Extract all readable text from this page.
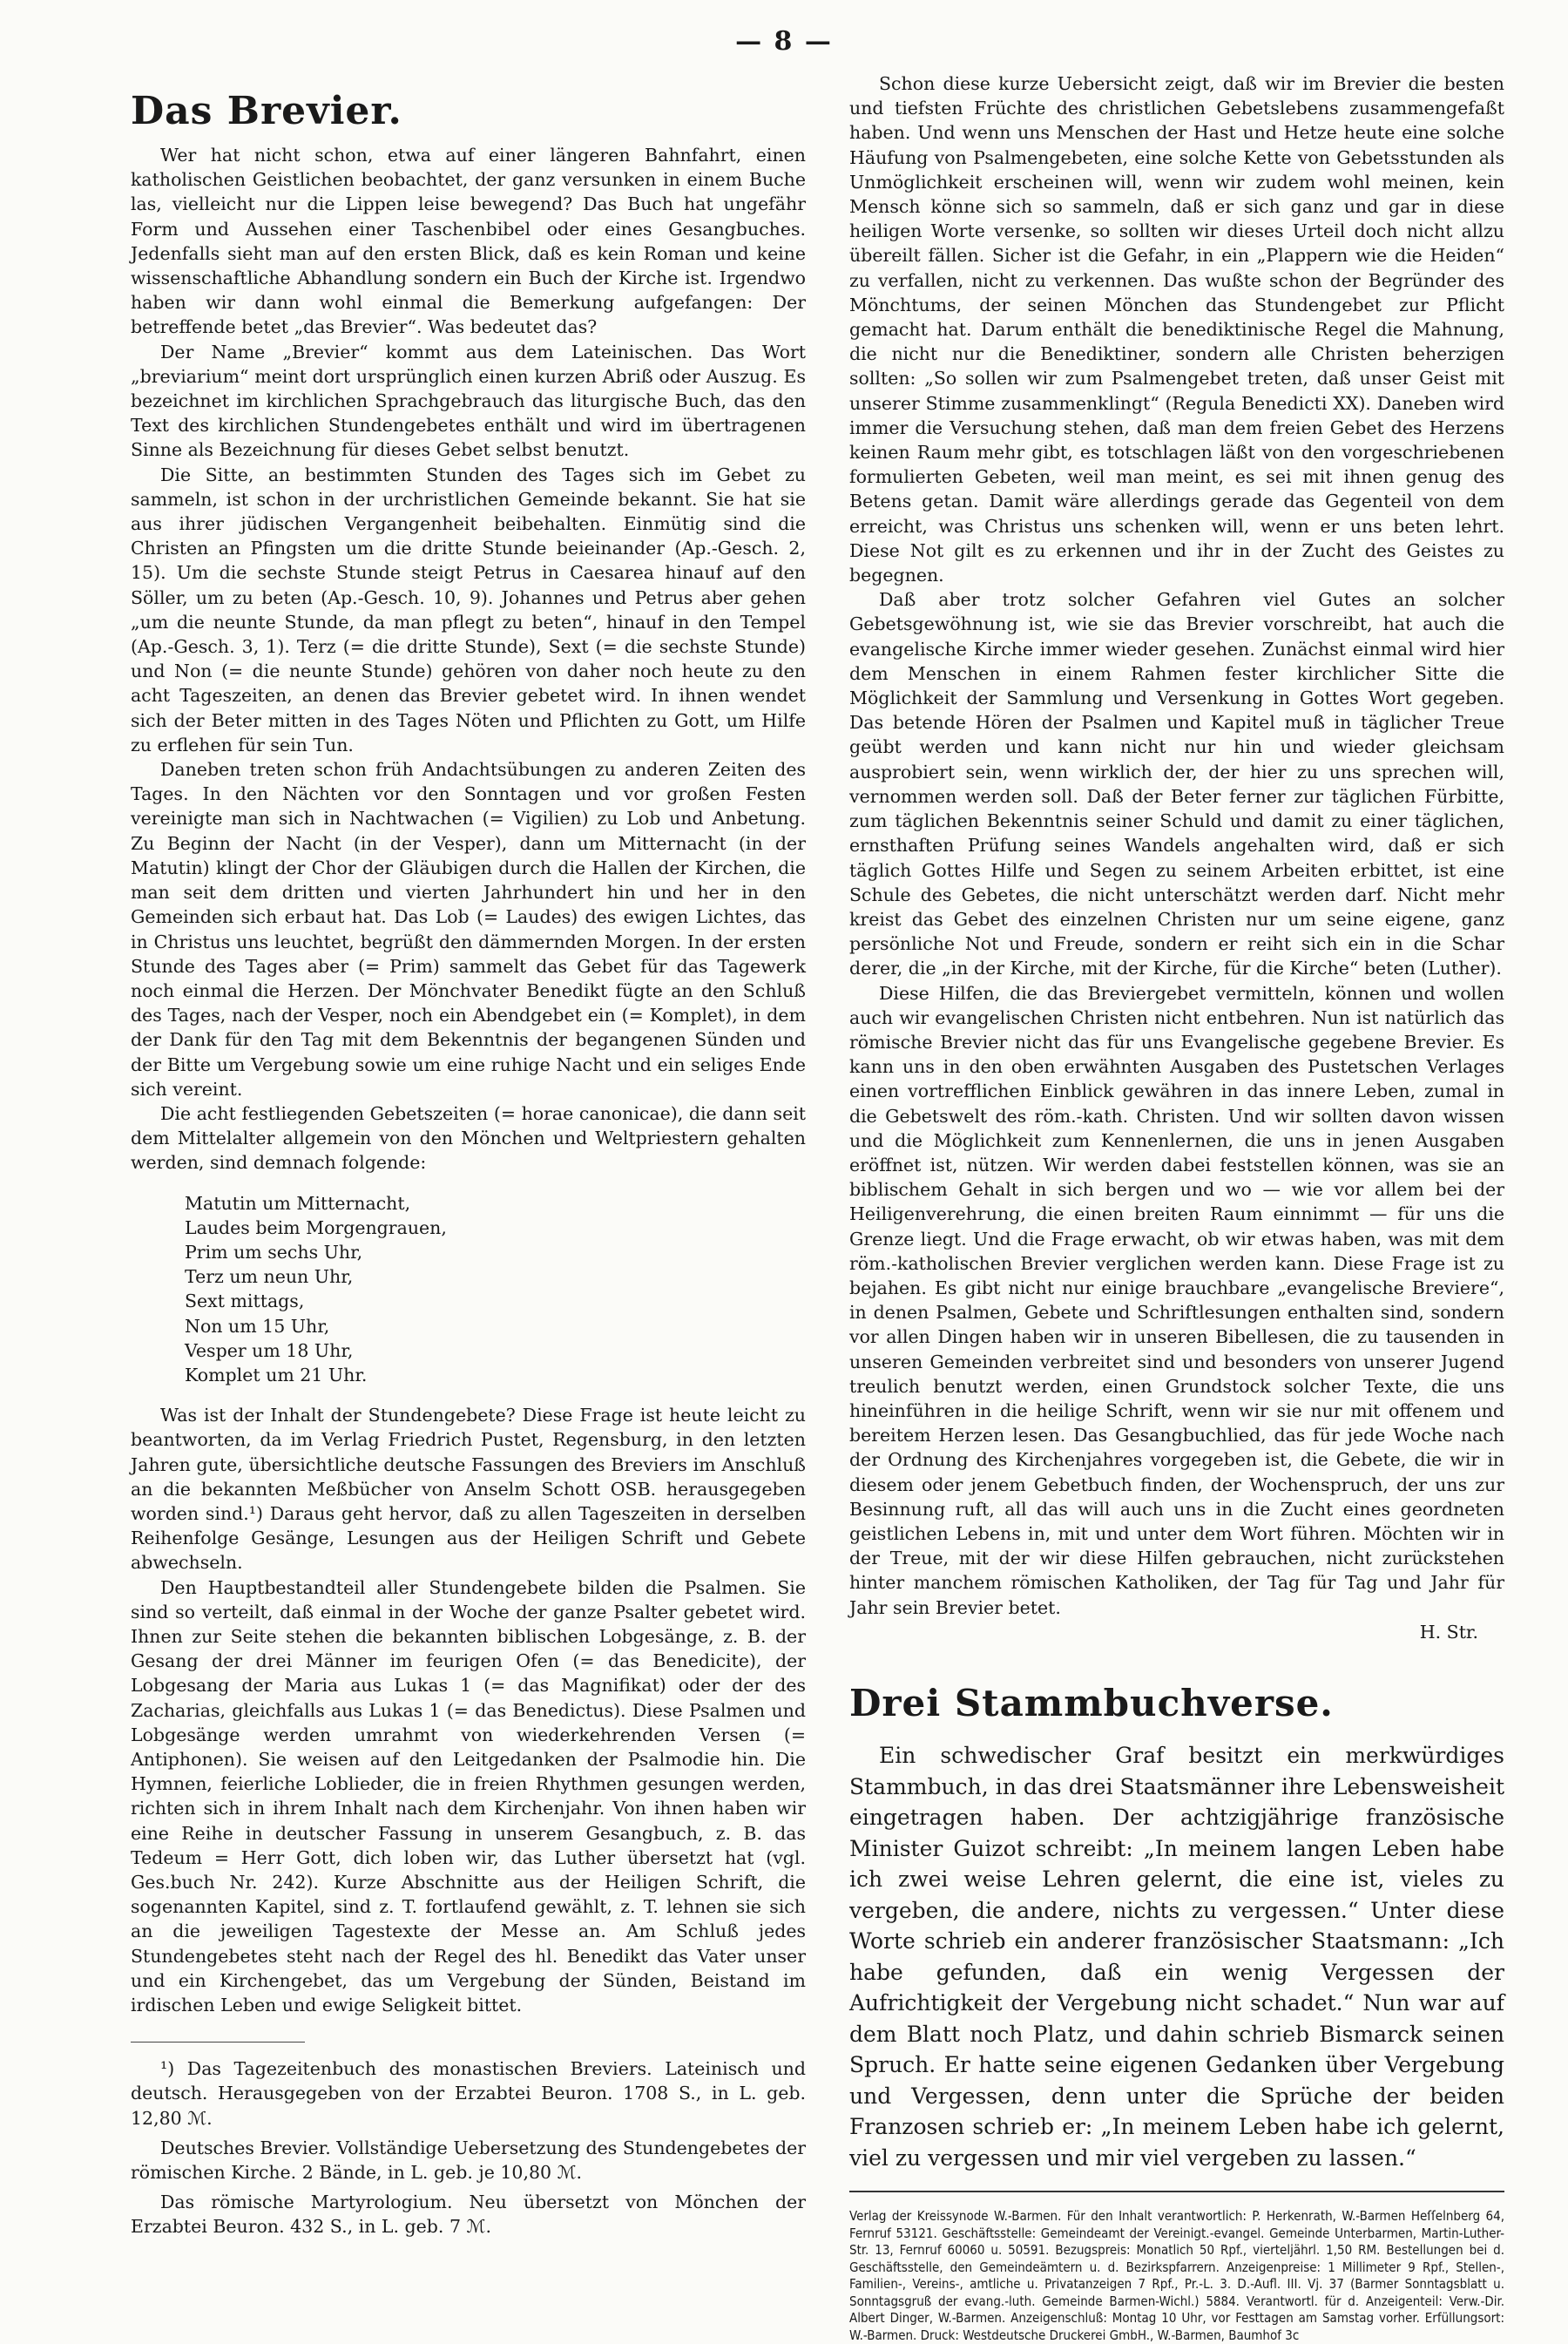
— 8 —
Das Brevier.

Wer hat nicht schon, etwa auf einer längeren Bahnfahrt, einen katholischen Geistlichen beobachtet, der ganz versunken in einem Buche las, vielleicht nur die Lippen leise bewegend? Das Buch hat ungefähr Form und Aussehen einer Taschenbibel oder eines Gesangbuches. Jedenfalls sieht man auf den ersten Blick, daß es kein Roman und keine wissenschaftliche Abhandlung sondern ein Buch der Kirche ist. Irgendwo haben wir dann wohl einmal die Bemerkung aufgefangen: Der betreffende betet „das Brevier“. Was bedeutet das?

Der Name „Brevier“ kommt aus dem Lateinischen. Das Wort „breviarium“ meint dort ursprünglich einen kurzen Abriß oder Auszug. Es bezeichnet im kirchlichen Sprachgebrauch das liturgische Buch, das den Text des kirchlichen Stundengebetes enthält und wird im übertragenen Sinne als Bezeichnung für dieses Gebet selbst benutzt.

Die Sitte, an bestimmten Stunden des Tages sich im Gebet zu sammeln, ist schon in der urchristlichen Gemeinde bekannt. Sie hat sie aus ihrer jüdischen Vergangenheit beibehalten. Einmütig sind die Christen an Pfingsten um die dritte Stunde beieinander (Ap.-Gesch. 2, 15). Um die sechste Stunde steigt Petrus in Caesarea hinauf auf den Söller, um zu beten (Ap.-Gesch. 10, 9). Johannes und Petrus aber gehen „um die neunte Stunde, da man pflegt zu beten“, hinauf in den Tempel (Ap.-Gesch. 3, 1). Terz (= die dritte Stunde), Sext (= die sechste Stunde) und Non (= die neunte Stunde) gehören von daher noch heute zu den acht Tageszeiten, an denen das Brevier gebetet wird. In ihnen wendet sich der Beter mitten in des Tages Nöten und Pflichten zu Gott, um Hilfe zu erflehen für sein Tun.

Daneben treten schon früh Andachtsübungen zu anderen Zeiten des Tages. In den Nächten vor den Sonntagen und vor großen Festen vereinigte man sich in Nachtwachen (= Vigilien) zu Lob und Anbetung. Zu Beginn der Nacht (in der Vesper), dann um Mitternacht (in der Matutin) klingt der Chor der Gläubigen durch die Hallen der Kirchen, die man seit dem dritten und vierten Jahrhundert hin und her in den Gemeinden sich erbaut hat. Das Lob (= Laudes) des ewigen Lichtes, das in Christus uns leuchtet, begrüßt den dämmernden Morgen. In der ersten Stunde des Tages aber (= Prim) sammelt das Gebet für das Tagewerk noch einmal die Herzen. Der Mönchvater Benedikt fügte an den Schluß des Tages, nach der Vesper, noch ein Abendgebet ein (= Komplet), in dem der Dank für den Tag mit dem Bekenntnis der begangenen Sünden und der Bitte um Vergebung sowie um eine ruhige Nacht und ein seliges Ende sich vereint.

Die acht festliegenden Gebetszeiten (= horae canonicae), die dann seit dem Mittelalter allgemein von den Mönchen und Weltpriestern gehalten werden, sind demnach folgende:

Matutin um Mitternacht,
Laudes beim Morgengrauen,
Prim um sechs Uhr,
Terz um neun Uhr,
Sext mittags,
Non um 15 Uhr,
Vesper um 18 Uhr,
Komplet um 21 Uhr.

Was ist der Inhalt der Stundengebete? Diese Frage ist heute leicht zu beantworten, da im Verlag Friedrich Pustet, Regensburg, in den letzten Jahren gute, übersichtliche deutsche Fassungen des Breviers im Anschluß an die bekannten Meßbücher von Anselm Schott OSB. herausgegeben worden sind.¹) Daraus geht hervor, daß zu allen Tageszeiten in derselben Reihenfolge Gesänge, Lesungen aus der Heiligen Schrift und Gebete abwechseln.

Den Hauptbestandteil aller Stundengebete bilden die Psalmen. Sie sind so verteilt, daß einmal in der Woche der ganze Psalter gebetet wird. Ihnen zur Seite stehen die bekannten biblischen Lobgesänge, z. B. der Gesang der drei Männer im feurigen Ofen (= das Benedicite), der Lobgesang der Maria aus Lukas 1 (= das Magnifikat) oder der des Zacharias, gleichfalls aus Lukas 1 (= das Benedictus). Diese Psalmen und Lobgesänge werden umrahmt von wiederkehrenden Versen (= Antiphonen). Sie weisen auf den Leitgedanken der Psalmodie hin. Die Hymnen, feierliche Loblieder, die in freien Rhythmen gesungen werden, richten sich in ihrem Inhalt nach dem Kirchenjahr. Von ihnen haben wir eine Reihe in deutscher Fassung in unserem Gesangbuch, z. B. das Tedeum = Herr Gott, dich loben wir, das Luther übersetzt hat (vgl. Ges.buch Nr. 242). Kurze Abschnitte aus der Heiligen Schrift, die sogenannten Kapitel, sind z. T. fortlaufend gewählt, z. T. lehnen sie sich an die jeweiligen Tagestexte der Messe an. Am Schluß jedes Stundengebetes steht nach der Regel des hl. Benedikt das Vater unser und ein Kirchengebet, das um Vergebung der Sünden, Beistand im irdischen Leben und ewige Seligkeit bittet.

¹) Das Tagezeitenbuch des monastischen Breviers. Lateinisch und deutsch. Herausgegeben von der Erzabtei Beuron. 1708 S., in L. geb. 12,80 ℳ.

Deutsches Brevier. Vollständige Uebersetzung des Stundengebetes der römischen Kirche. 2 Bände, in L. geb. je 10,80 ℳ.

Das römische Martyrologium. Neu übersetzt von Mönchen der Erzabtei Beuron. 432 S., in L. geb. 7 ℳ.

Schon diese kurze Uebersicht zeigt, daß wir im Brevier die besten und tiefsten Früchte des christlichen Gebetslebens zusammengefaßt haben. Und wenn uns Menschen der Hast und Hetze heute eine solche Häufung von Psalmengebeten, eine solche Kette von Gebetsstunden als Unmöglichkeit erscheinen will, wenn wir zudem wohl meinen, kein Mensch könne sich so sammeln, daß er sich ganz und gar in diese heiligen Worte versenke, so sollten wir dieses Urteil doch nicht allzu übereilt fällen. Sicher ist die Gefahr, in ein „Plappern wie die Heiden“ zu verfallen, nicht zu verkennen. Das wußte schon der Begründer des Mönchtums, der seinen Mönchen das Stundengebet zur Pflicht gemacht hat. Darum enthält die benediktinische Regel die Mahnung, die nicht nur die Benediktiner, sondern alle Christen beherzigen sollten: „So sollen wir zum Psalmengebet treten, daß unser Geist mit unserer Stimme zusammenklingt“ (Regula Benedicti XX). Daneben wird immer die Versuchung stehen, daß man dem freien Gebet des Herzens keinen Raum mehr gibt, es totschlagen läßt von den vorgeschriebenen formulierten Gebeten, weil man meint, es sei mit ihnen genug des Betens getan. Damit wäre allerdings gerade das Gegenteil von dem erreicht, was Christus uns schenken will, wenn er uns beten lehrt. Diese Not gilt es zu erkennen und ihr in der Zucht des Geistes zu begegnen.

Daß aber trotz solcher Gefahren viel Gutes an solcher Gebetsgewöhnung ist, wie sie das Brevier vorschreibt, hat auch die evangelische Kirche immer wieder gesehen. Zunächst einmal wird hier dem Menschen in einem Rahmen fester kirchlicher Sitte die Möglichkeit der Sammlung und Versenkung in Gottes Wort gegeben. Das betende Hören der Psalmen und Kapitel muß in täglicher Treue geübt werden und kann nicht nur hin und wieder gleichsam ausprobiert sein, wenn wirklich der, der hier zu uns sprechen will, vernommen werden soll. Daß der Beter ferner zur täglichen Fürbitte, zum täglichen Bekenntnis seiner Schuld und damit zu einer täglichen, ernsthaften Prüfung seines Wandels angehalten wird, daß er sich täglich Gottes Hilfe und Segen zu seinem Arbeiten erbittet, ist eine Schule des Gebetes, die nicht unterschätzt werden darf. Nicht mehr kreist das Gebet des einzelnen Christen nur um seine eigene, ganz persönliche Not und Freude, sondern er reiht sich ein in die Schar derer, die „in der Kirche, mit der Kirche, für die Kirche“ beten (Luther).

Diese Hilfen, die das Breviergebet vermitteln, können und wollen auch wir evangelischen Christen nicht entbehren. Nun ist natürlich das römische Brevier nicht das für uns Evangelische gegebene Brevier. Es kann uns in den oben erwähnten Ausgaben des Pustetschen Verlages einen vortrefflichen Einblick gewähren in das innere Leben, zumal in die Gebetswelt des röm.-kath. Christen. Und wir sollten davon wissen und die Möglichkeit zum Kennenlernen, die uns in jenen Ausgaben eröffnet ist, nützen. Wir werden dabei feststellen können, was sie an biblischem Gehalt in sich bergen und wo — wie vor allem bei der Heiligenverehrung, die einen breiten Raum einnimmt — für uns die Grenze liegt. Und die Frage erwacht, ob wir etwas haben, was mit dem röm.-katholischen Brevier verglichen werden kann. Diese Frage ist zu bejahen. Es gibt nicht nur einige brauchbare „evangelische Breviere“, in denen Psalmen, Gebete und Schriftlesungen enthalten sind, sondern vor allen Dingen haben wir in unseren Bibellesen, die zu tausenden in unseren Gemeinden verbreitet sind und besonders von unserer Jugend treulich benutzt werden, einen Grundstock solcher Texte, die uns hineinführen in die heilige Schrift, wenn wir sie nur mit offenem und bereitem Herzen lesen. Das Gesangbuchlied, das für jede Woche nach der Ordnung des Kirchenjahres vorgegeben ist, die Gebete, die wir in diesem oder jenem Gebetbuch finden, der Wochenspruch, der uns zur Besinnung ruft, all das will auch uns in die Zucht eines geordneten geistlichen Lebens in, mit und unter dem Wort führen. Möchten wir in der Treue, mit der wir diese Hilfen gebrauchen, nicht zurückstehen hinter manchem römischen Katholiken, der Tag für Tag und Jahr für Jahr sein Brevier betet.

H. Str.
Drei Stammbuchverse.

Ein schwedischer Graf besitzt ein merkwürdiges Stammbuch, in das drei Staatsmänner ihre Lebensweisheit eingetragen haben. Der achtzigjährige französische Minister Guizot schreibt: „In meinem langen Leben habe ich zwei weise Lehren gelernt, die eine ist, vieles zu vergeben, die andere, nichts zu vergessen.“ Unter diese Worte schrieb ein anderer französischer Staatsmann: „Ich habe gefunden, daß ein wenig Vergessen der Aufrichtigkeit der Vergebung nicht schadet.“ Nun war auf dem Blatt noch Platz, und dahin schrieb Bismarck seinen Spruch. Er hatte seine eigenen Gedanken über Vergebung und Vergessen, denn unter die Sprüche der beiden Franzosen schrieb er: „In meinem Leben habe ich gelernt, viel zu vergessen und mir viel vergeben zu lassen.“

Verlag der Kreissynode W.-Barmen. Für den Inhalt verantwortlich: P. Herkenrath, W.-Barmen Heſſelnberg 64, Fernruf 53121. Geschäftsstelle: Gemeindeamt der Vereinigt.-evangel. Gemeinde Unterbarmen, Martin-Luther-Str. 13, Fernruf 60060 u. 50591. Bezugspreis: Monatlich 50 Rpf., vierteljährl. 1,50 RM. Bestellungen bei d. Geschäftsstelle, den Gemeindeämtern u. d. Bezirkspfarrern. Anzeigenpreise: 1 Millimeter 9 Rpf., Stellen-, Familien-, Vereins-, amtliche u. Privatanzeigen 7 Rpf., Pr.-L. 3. D.-Aufl. III. Vj. 37 (Barmer Sonntagsblatt u. Sonntagsgruß der evang.-luth. Gemeinde Barmen-Wichl.) 5884. Verantwortl. für d. Anzeigenteil: Verw.-Dir. Albert Dinger, W.-Barmen. Anzeigenschluß: Montag 10 Uhr, vor Festtagen am Samstag vorher. Erfüllungsort: W.-Barmen. Druck: Westdeutsche Druckerei GmbH., W.-Barmen, Baumhof 3c
